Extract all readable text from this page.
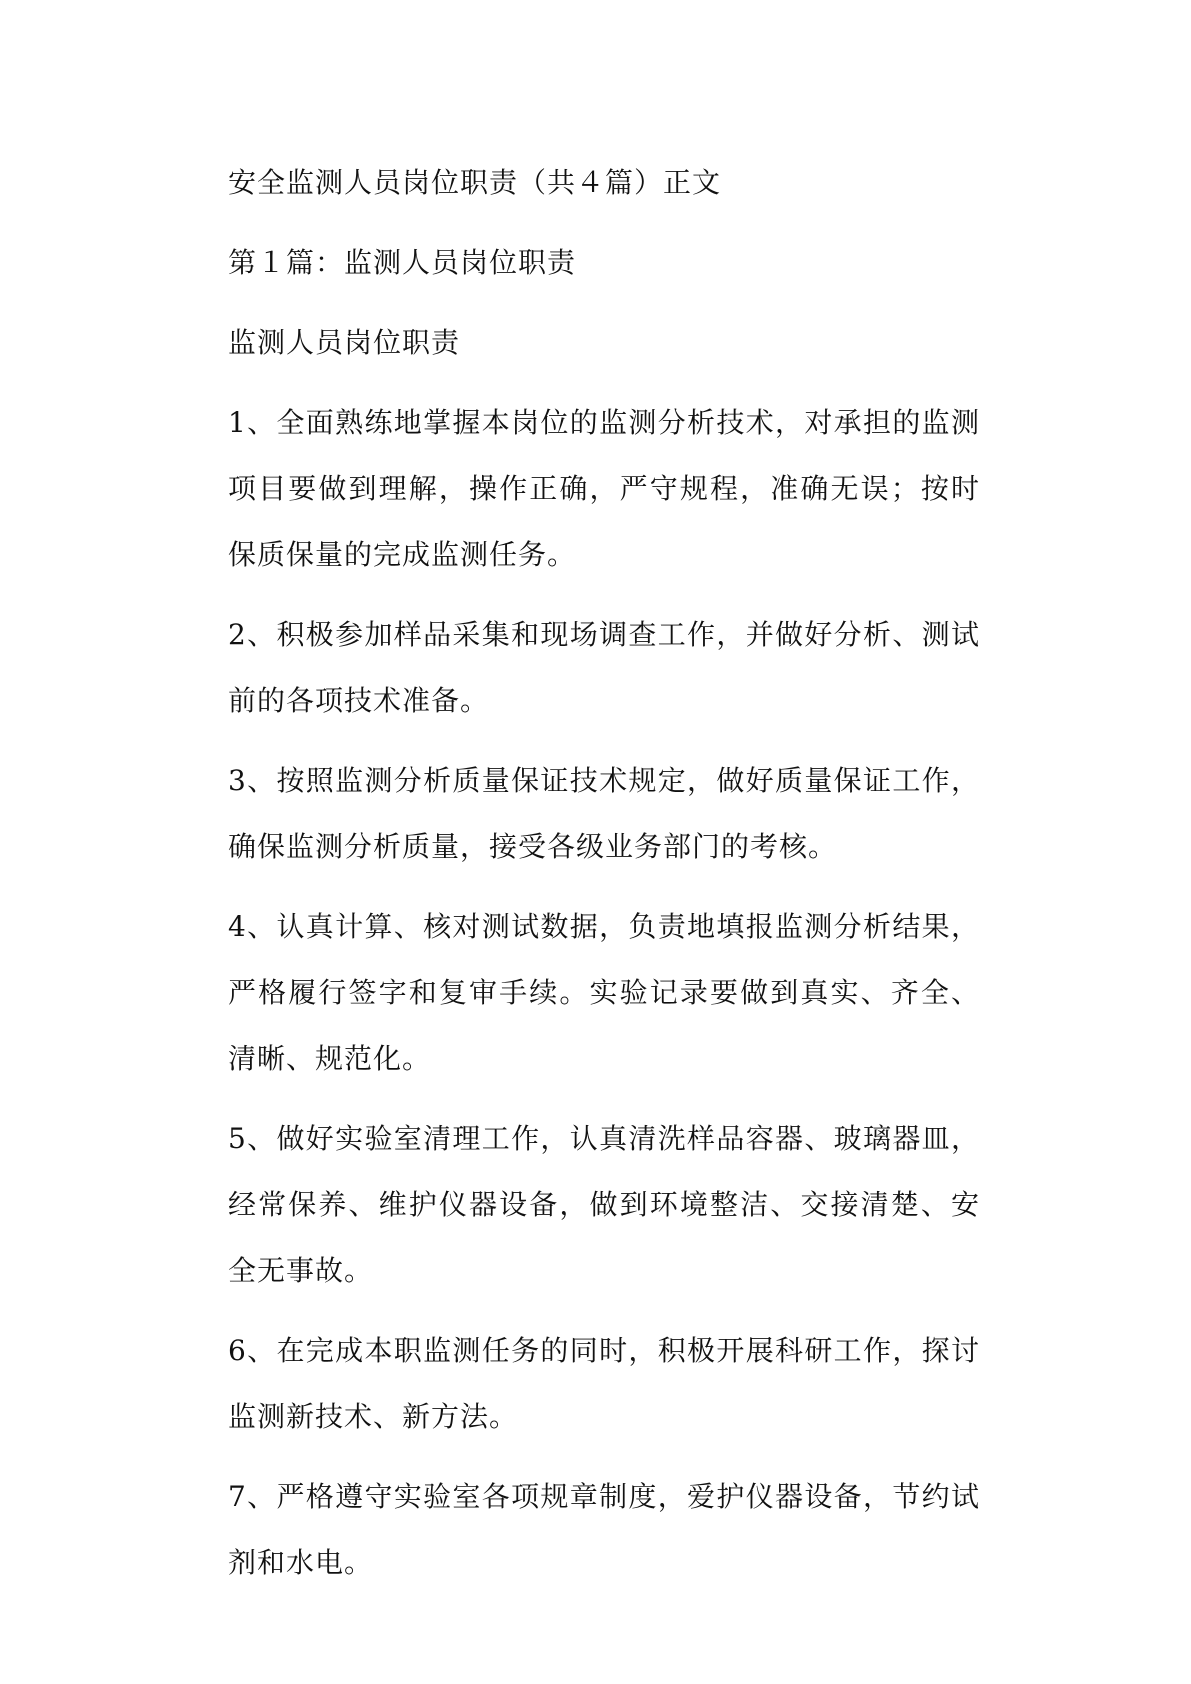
安全监测人员岗位职责（共４篇）正文

第１篇：监测人员岗位职责

监测人员岗位职责

1、全面熟练地掌握本岗位的监测分析技术，对承担的监测项目要做到理解，操作正确，严守规程，准确无误；按时保质保量的完成监测任务。

2、积极参加样品采集和现场调查工作，并做好分析、测试前的各项技术准备。

3、按照监测分析质量保证技术规定，做好质量保证工作，确保监测分析质量，接受各级业务部门的考核。

4、认真计算、核对测试数据，负责地填报监测分析结果，严格履行签字和复审手续。实验记录要做到真实、齐全、清晰、规范化。

5、做好实验室清理工作，认真清洗样品容器、玻璃器皿，经常保养、维护仪器设备，做到环境整洁、交接清楚、安全无事故。

6、在完成本职监测任务的同时，积极开展科研工作，探讨监测新技术、新方法。

7、严格遵守实验室各项规章制度，爱护仪器设备，节约试剂和水电。
